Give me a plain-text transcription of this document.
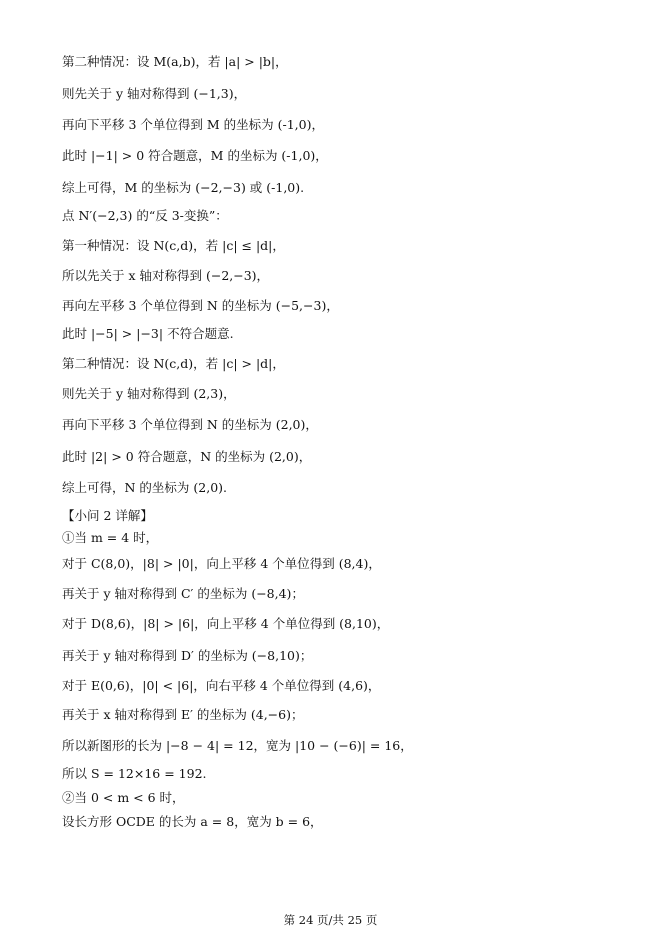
第二种情况：设 M(a,b)，若 |a| > |b|，
则先关于 y 轴对称得到 (−1,3)，
再向下平移 3 个单位得到 M 的坐标为 (-1,0)，
此时 |−1| > 0 符合题意，M 的坐标为 (-1,0)，
综上可得，M 的坐标为 (−2,−3) 或 (-1,0).
点 N′(−2,3) 的“反 3-变换”：
第一种情况：设 N(c,d)，若 |c| ≤ |d|，
所以先关于 x 轴对称得到 (−2,−3)，
再向左平移 3 个单位得到 N 的坐标为 (−5,−3)，
此时 |−5| > |−3| 不符合题意.
第二种情况：设 N(c,d)，若 |c| > |d|，
则先关于 y 轴对称得到 (2,3)，
再向下平移 3 个单位得到 N 的坐标为 (2,0)，
此时 |2| > 0 符合题意，N 的坐标为 (2,0)，
综上可得，N 的坐标为 (2,0).
【小问 2 详解】
①当 m = 4 时，
对于 C(8,0)，|8| > |0|，向上平移 4 个单位得到 (8,4)，
再关于 y 轴对称得到 C′ 的坐标为 (−8,4)；
对于 D(8,6)，|8| > |6|，向上平移 4 个单位得到 (8,10)，
再关于 y 轴对称得到 D′ 的坐标为 (−8,10)；
对于 E(0,6)，|0| < |6|，向右平移 4 个单位得到 (4,6)，
再关于 x 轴对称得到 E′ 的坐标为 (4,−6)；
所以新图形的长为 |−8 − 4| = 12，宽为 |10 − (−6)| = 16，
所以 S = 12×16 = 192.
②当 0 < m < 6 时，
设长方形 OCDE 的长为 a = 8，宽为 b = 6，
第 24 页/共 25 页
